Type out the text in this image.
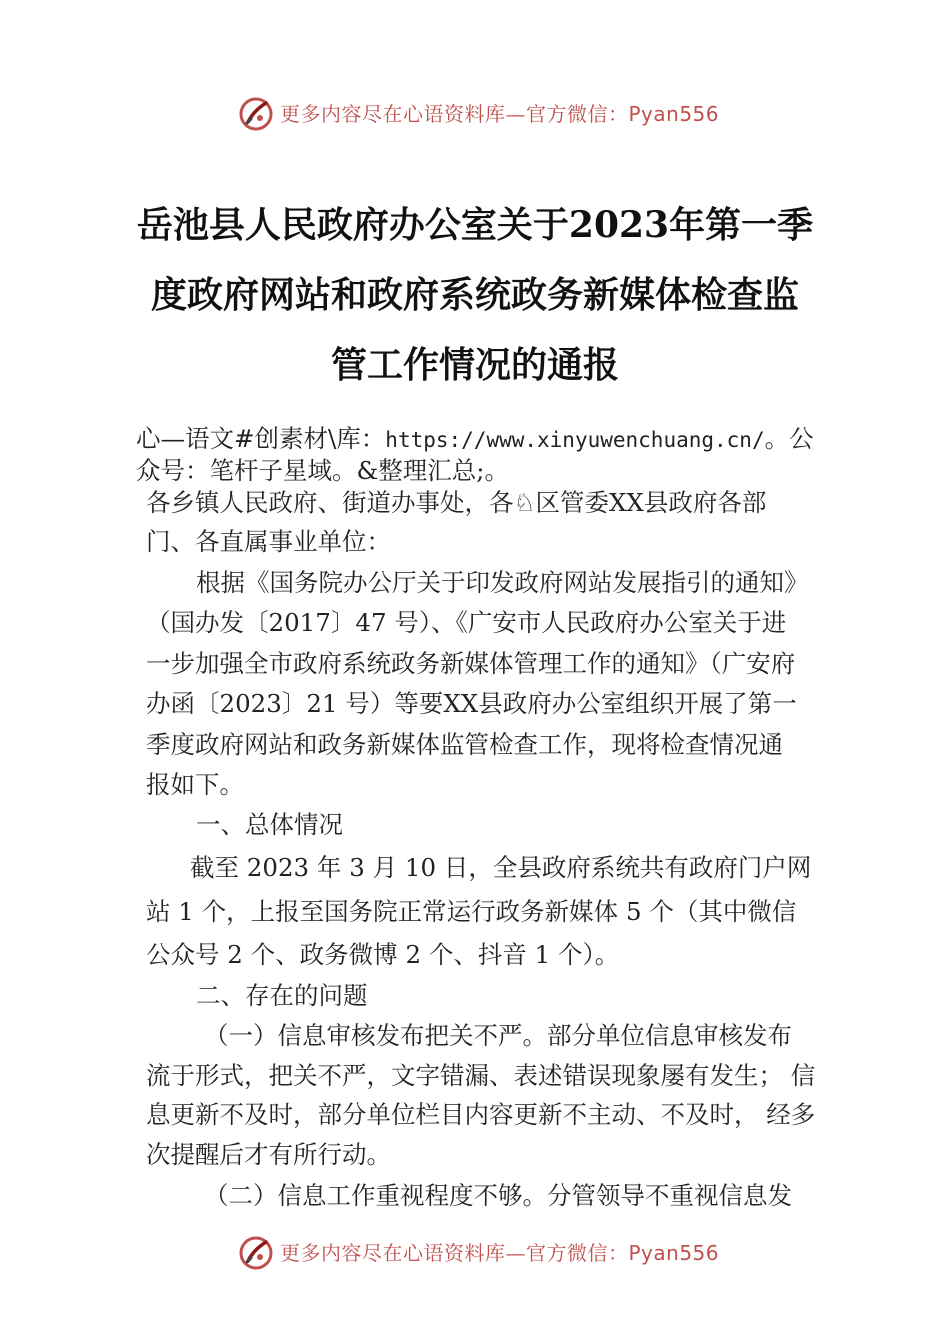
更多内容尽在心语资料库—官方微信：Pyan556
岳池县人民政府办公室关于2023年第一季
度政府网站和政府系统政务新媒体检查监
管工作情况的通报
心—语文#创素材\库：https://www.xinyuwenchuang.cn/。公
众号：笔杆子星域。&整理汇总;。
各乡镇人民政府、街道办事处，各♘区管委XX县政府各部
门、各直属事业单位：
根据《国务院办公厅关于印发政府网站发展指引的通知》
（国办发〔2017〕47 号）、《广安市人民政府办公室关于进
一步加强全市政府系统政务新媒体管理工作的通知》（广安府
办函〔2023〕21 号）等要XX县政府办公室组织开展了第一
季度政府网站和政务新媒体监管检查工作，现将检查情况通
报如下。
一、总体情况
截至 2023 年 3 月 10 日，全县政府系统共有政府门户网
站 1 个，上报至国务院正常运行政务新媒体 5 个（其中微信
公众号 2 个、政务微博 2 个、抖音 1 个）。
二、存在的问题
（一）信息审核发布把关不严。部分单位信息审核发布
流于形式，把关不严，文字错漏、表述错误现象屡有发生； 信
息更新不及时，部分单位栏目内容更新不主动、不及时， 经多
次提醒后才有所行动。
（二）信息工作重视程度不够。分管领导不重视信息发
更多内容尽在心语资料库—官方微信：Pyan556
